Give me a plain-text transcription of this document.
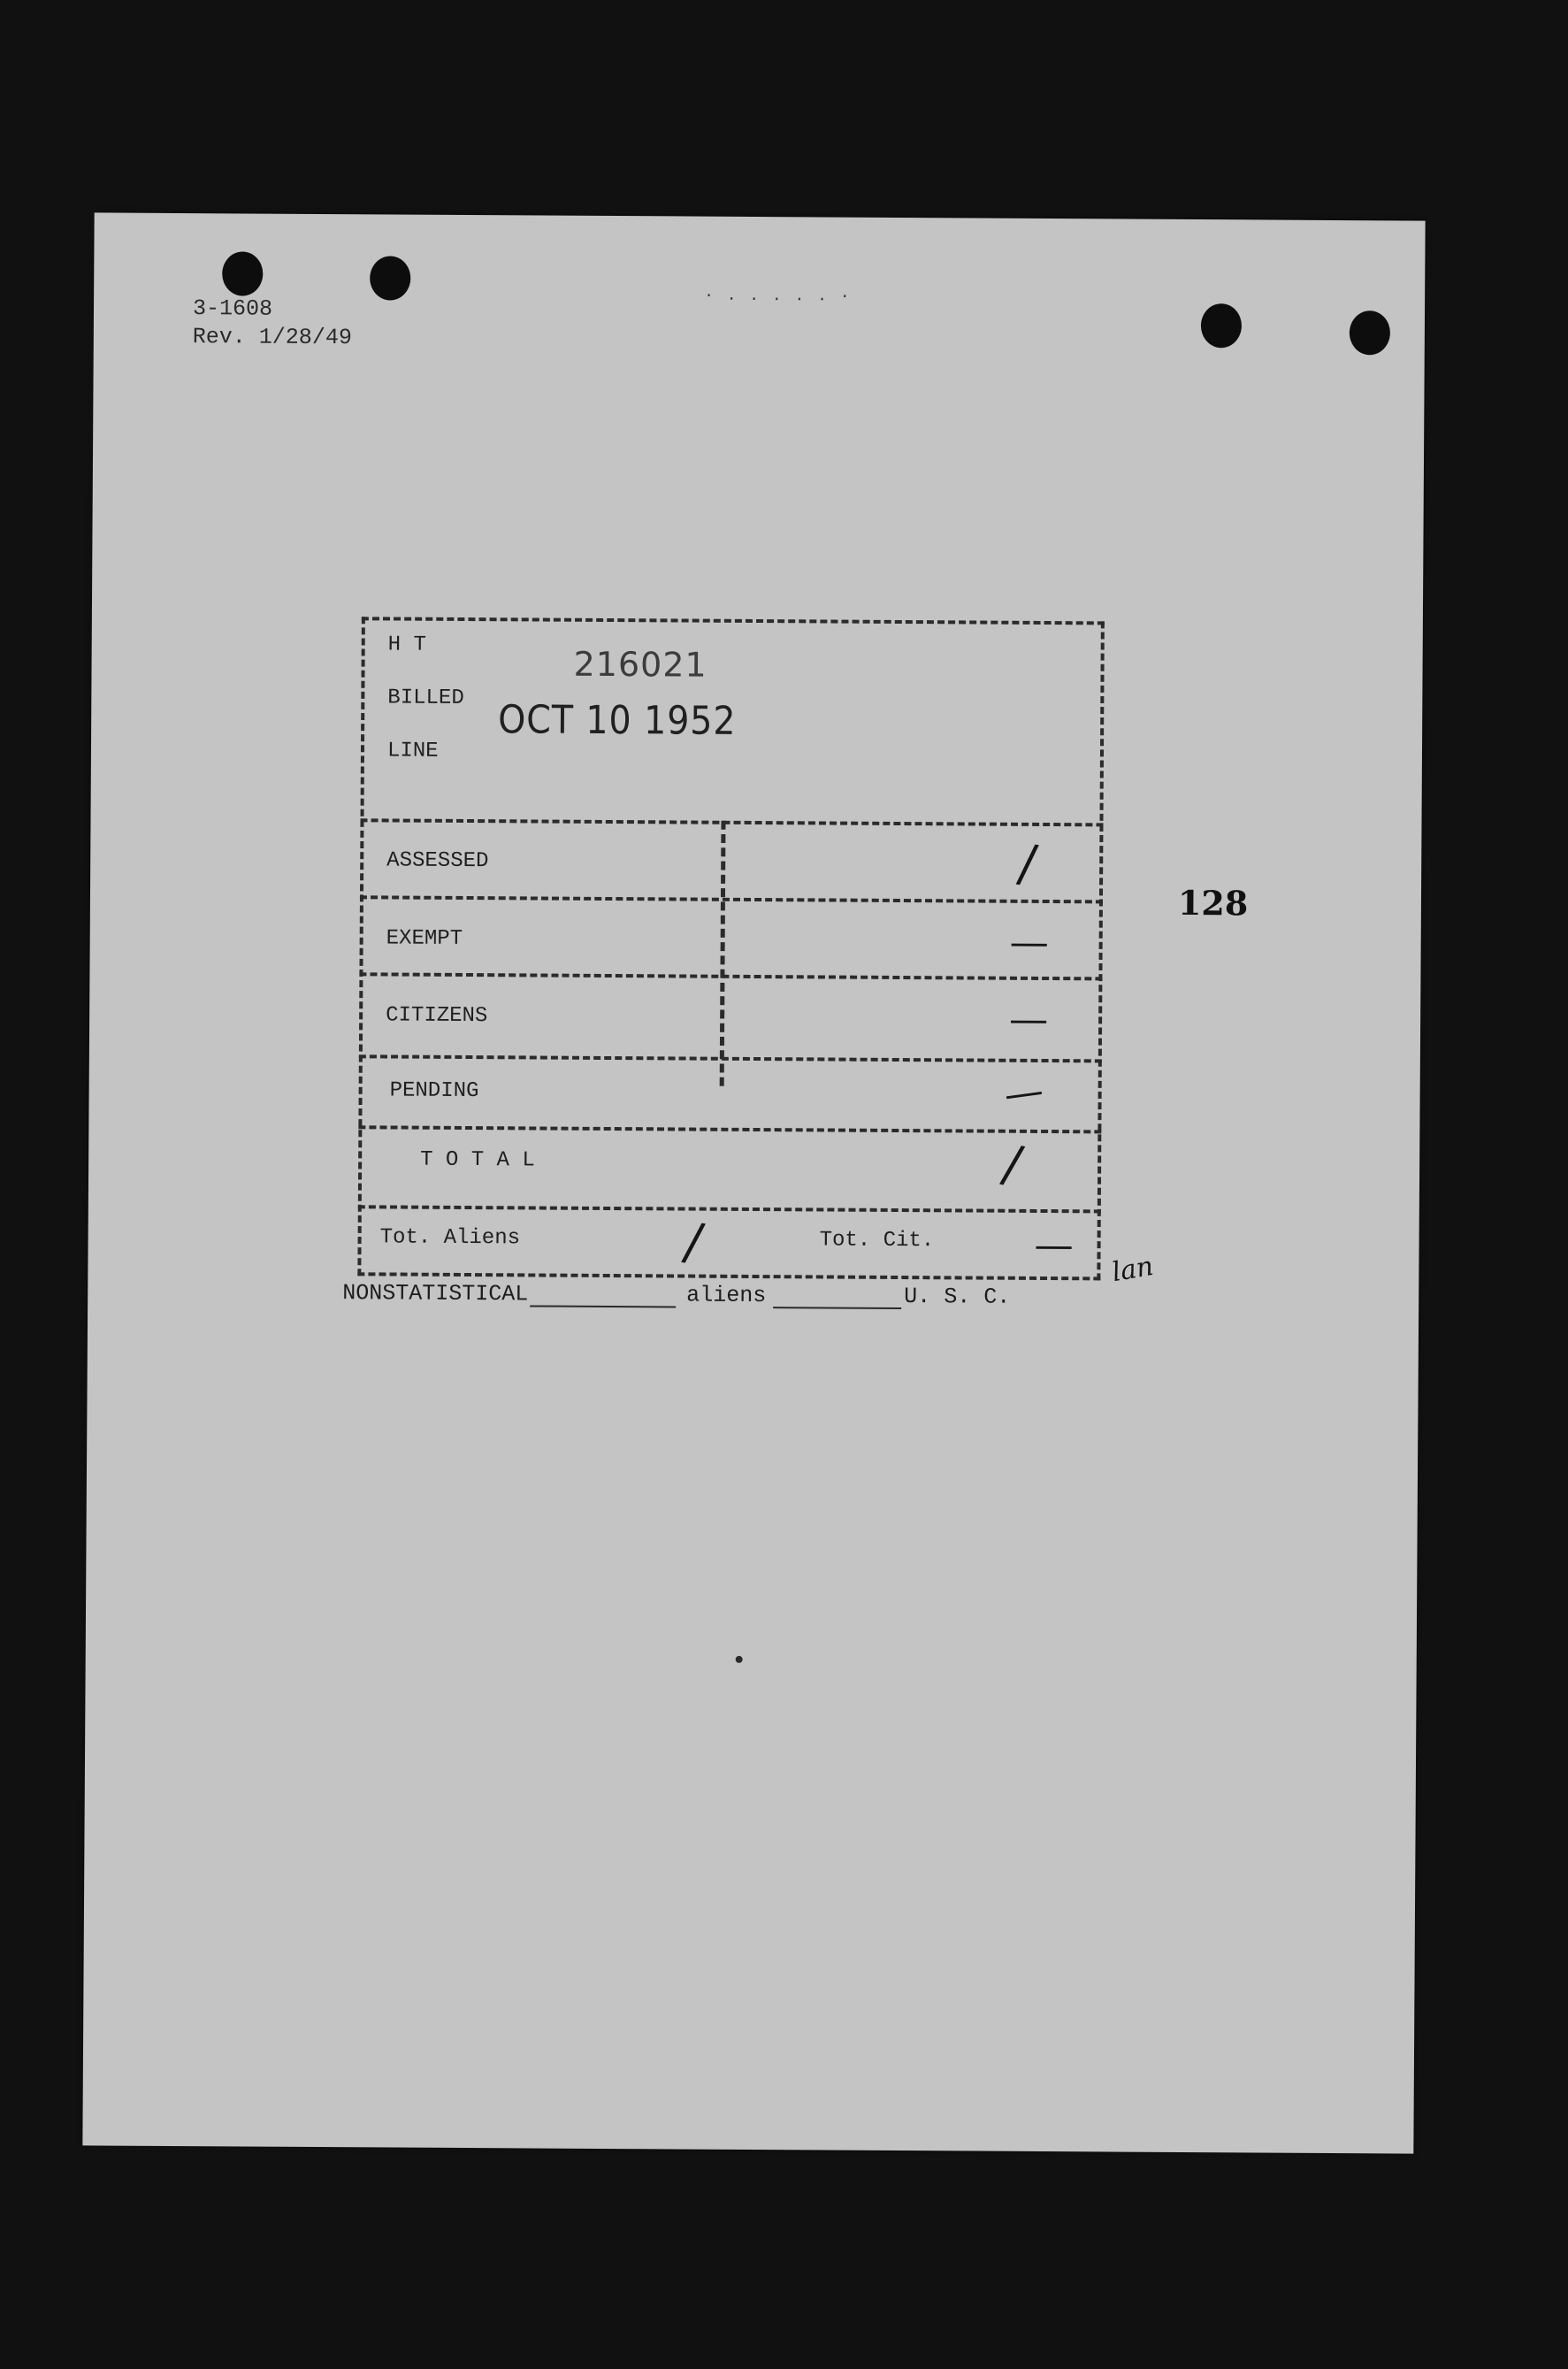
3-1608
Rev. 1/28/49
· . . . . . ·
H T
BILLED
LINE
216021
OCT 10 1952
ASSESSED	/
EXEMPT	—
CITIZENS	—
PENDING	—
T O T A L	/
Tot. Aliens	/	Tot. Cit.	—
lan
128
NONSTATISTICAL	aliens	U. S. C.
